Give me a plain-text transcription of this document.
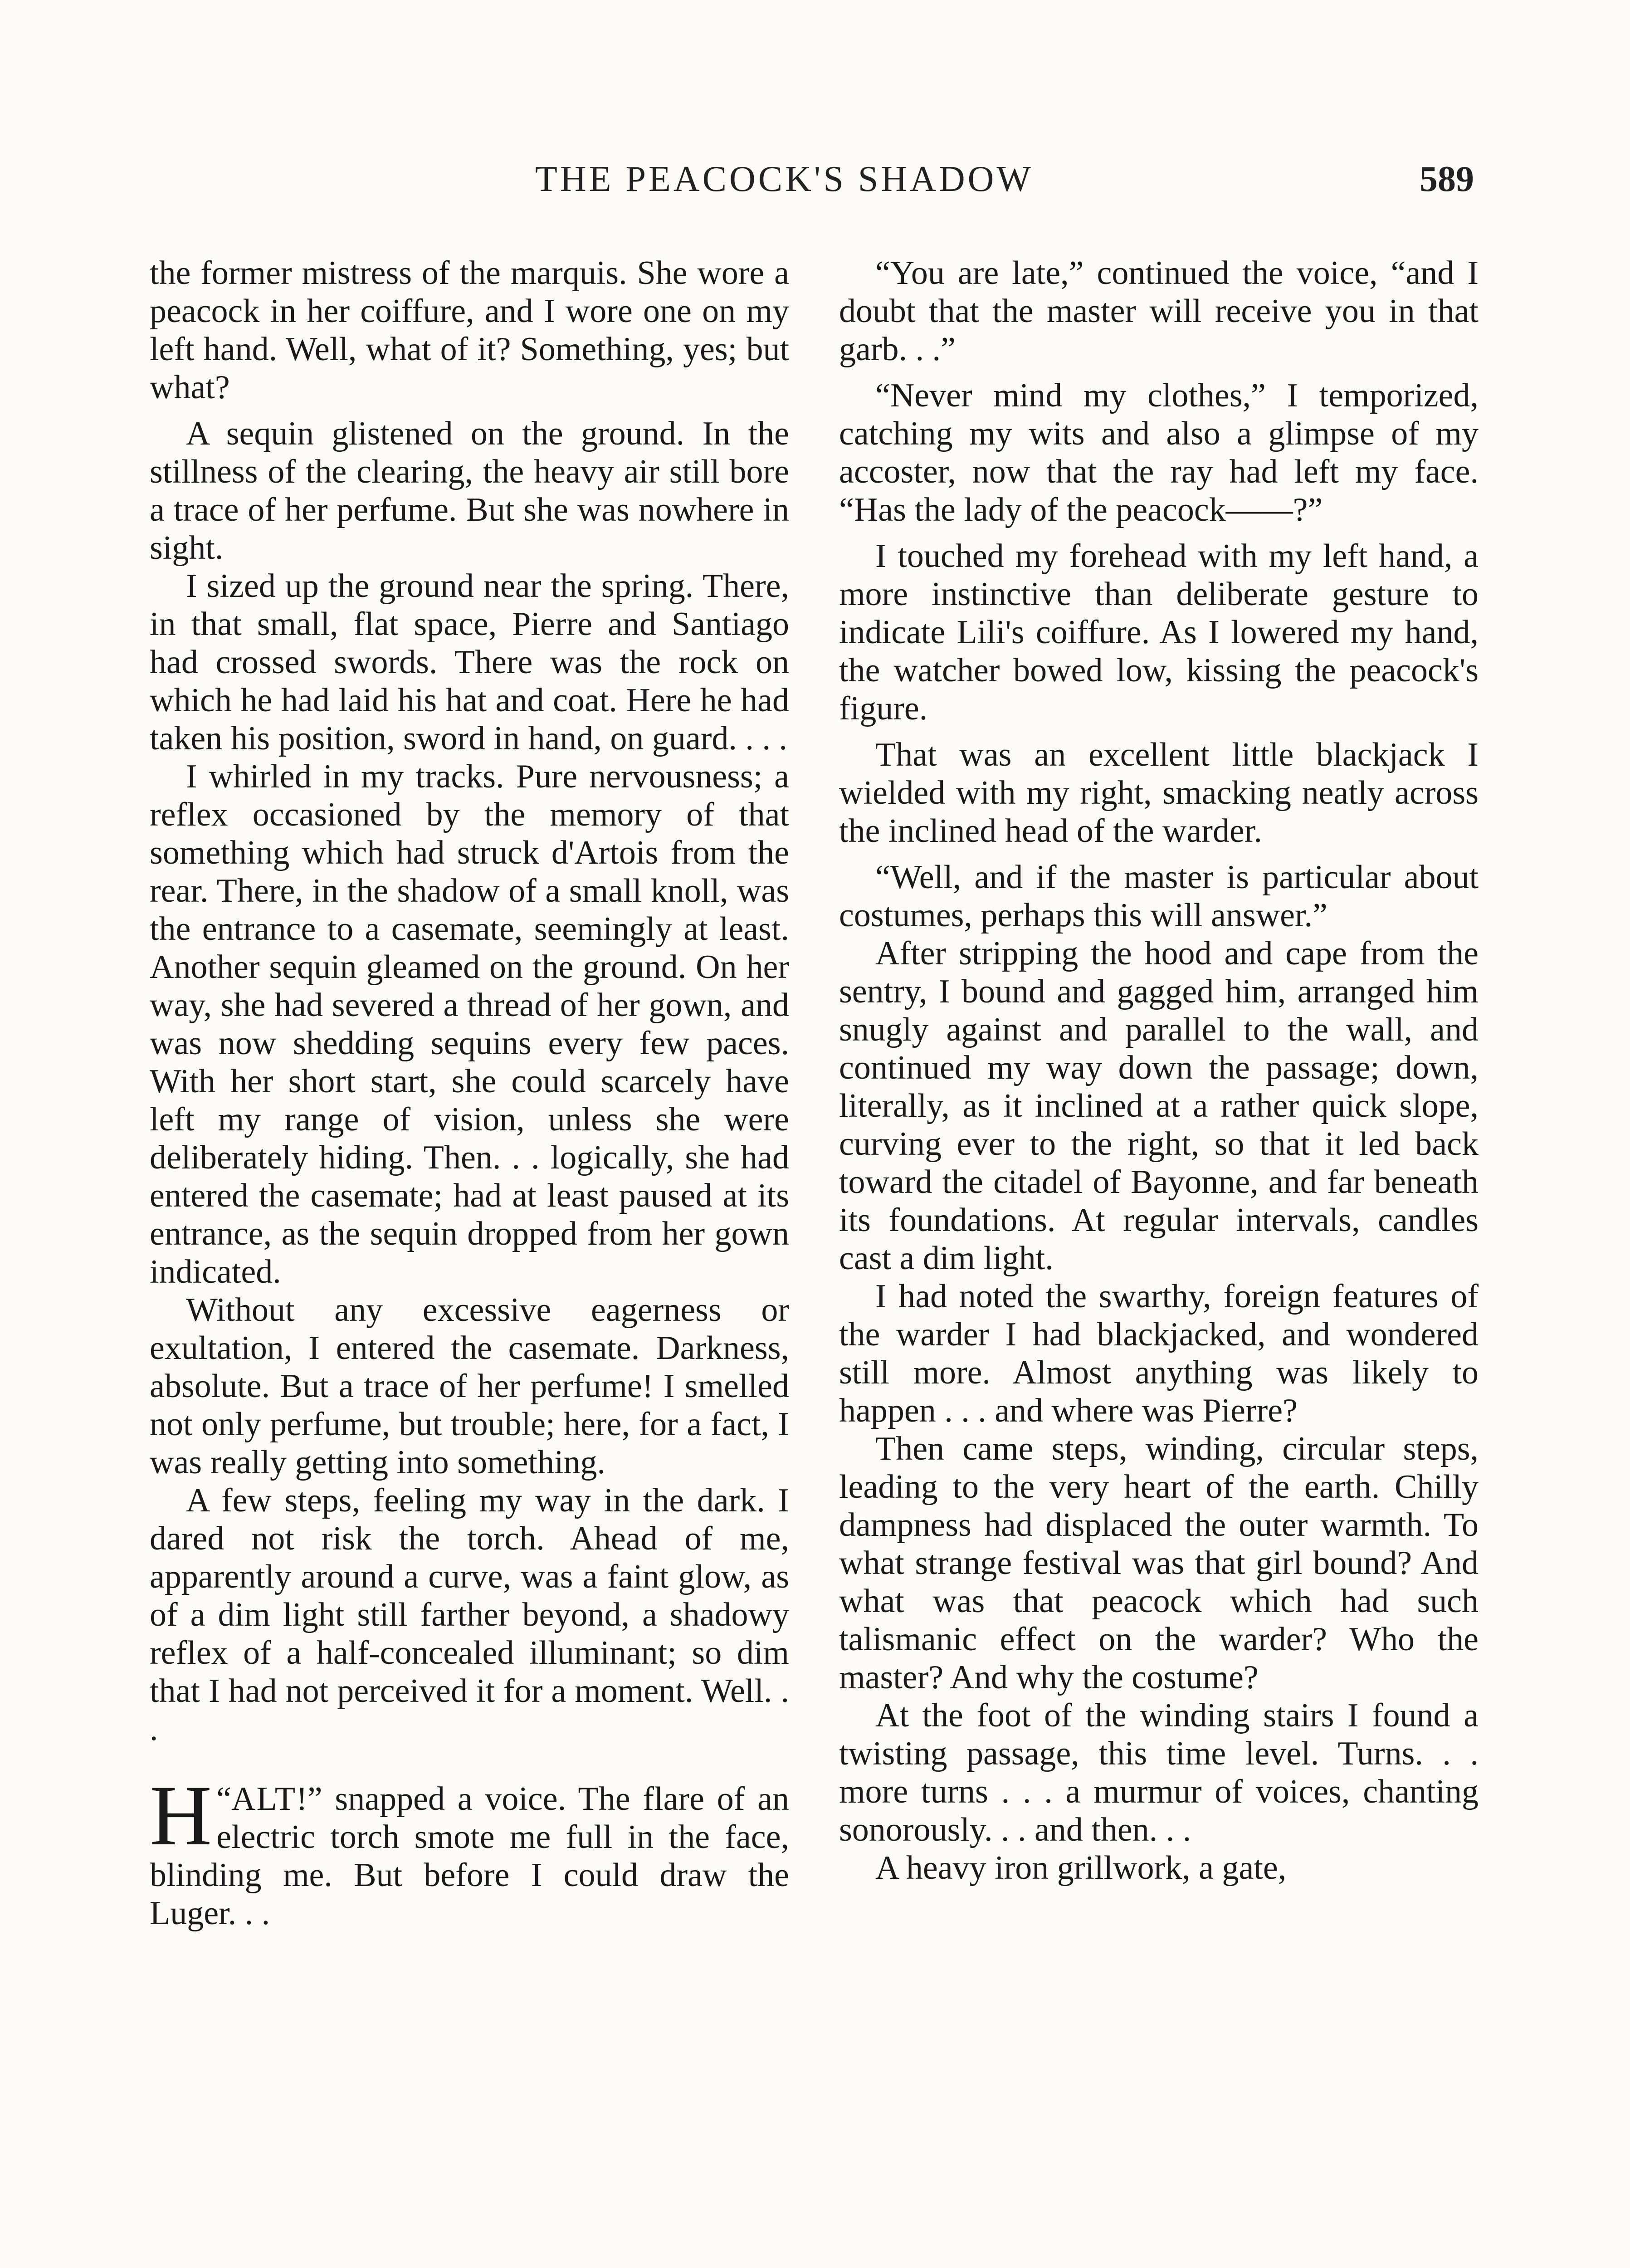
THE PEACOCK'S SHADOW	589

the former mistress of the marquis. She wore a peacock in her coiffure, and I wore one on my left hand. Well, what of it? Something, yes; but what?

A sequin glistened on the ground. In the stillness of the clearing, the heavy air still bore a trace of her perfume. But she was nowhere in sight.

I sized up the ground near the spring. There, in that small, flat space, Pierre and Santiago had crossed swords. There was the rock on which he had laid his hat and coat. Here he had taken his position, sword in hand, on guard. . . .

I whirled in my tracks. Pure nervousness; a reflex occasioned by the memory of that something which had struck d'Artois from the rear. There, in the shadow of a small knoll, was the entrance to a casemate, seemingly at least. Another sequin gleamed on the ground. On her way, she had severed a thread of her gown, and was now shedding sequins every few paces. With her short start, she could scarcely have left my range of vision, unless she were deliberately hiding. Then. . . logically, she had entered the casemate; had at least paused at its entrance, as the sequin dropped from her gown indicated.

Without any excessive eagerness or exultation, I entered the casemate. Darkness, absolute. But a trace of her perfume! I smelled not only perfume, but trouble; here, for a fact, I was really getting into something.

A few steps, feeling my way in the dark. I dared not risk the torch. Ahead of me, apparently around a curve, was a faint glow, as of a dim light still farther beyond, a shadowy reflex of a half-concealed illuminant; so dim that I had not perceived it for a moment. Well. . .

“
H ALT!” snapped a voice. The flare of an electric torch smote me full in the face, blinding me. But before I could draw the Luger. . .

“You are late,” continued the voice, “and I doubt that the master will receive you in that garb. . .”

“Never mind my clothes,” I temporized, catching my wits and also a glimpse of my accoster, now that the ray had left my face. “Has the lady of the peacock——?”

I touched my forehead with my left hand, a more instinctive than deliberate gesture to indicate Lili's coiffure. As I lowered my hand, the watcher bowed low, kissing the peacock's figure.

That was an excellent little blackjack I wielded with my right, smacking neatly across the inclined head of the warder.

“Well, and if the master is particular about costumes, perhaps this will answer.”

After stripping the hood and cape from the sentry, I bound and gagged him, arranged him snugly against and parallel to the wall, and continued my way down the passage; down, literally, as it inclined at a rather quick slope, curving ever to the right, so that it led back toward the citadel of Bayonne, and far beneath its foundations. At regular intervals, candles cast a dim light.

I had noted the swarthy, foreign features of the warder I had blackjacked, and wondered still more. Almost anything was likely to happen . . . and where was Pierre?

Then came steps, winding, circular steps, leading to the very heart of the earth. Chilly dampness had displaced the outer warmth. To what strange festival was that girl bound? And what was that peacock which had such talismanic effect on the warder? Who the master? And why the costume?

At the foot of the winding stairs I found a twisting passage, this time level. Turns. . . more turns . . . a murmur of voices, chanting sonorously. . . and then. . .

A heavy iron grillwork, a gate,
